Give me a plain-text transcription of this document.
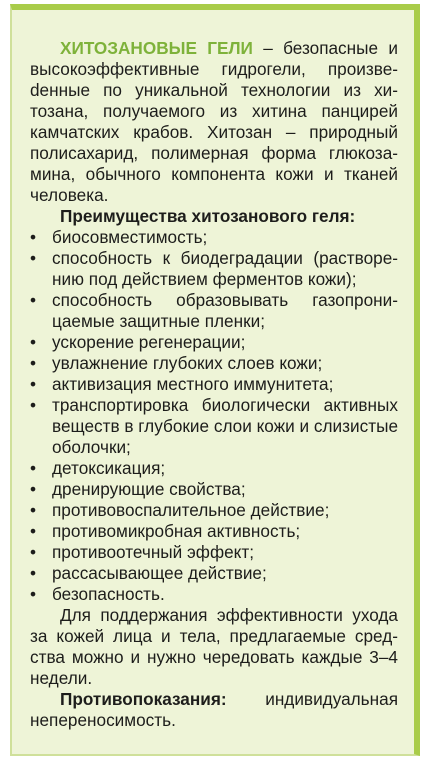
ХИТОЗАНОВЫЕ ГЕЛИ – безопасные и высокоэффективные гидрогели, произвеdенные по уникальной технологии из хитозана, получаемого из хитина панцирей камчатских крабов. Хитозан – природный полисахарид, полимерная форма глюкозамина, обычного компонента кожи и тканей человека.

Преимущества хитозанового геля:

• биосовместимость;
• способность к биодеградации (растворению под действием ферментов кожи);
• способность образовывать газопроницаемые защитные пленки;
• ускорение регенерации;
• увлажнение глубоких слоев кожи;
• активизация местного иммунитета;
• транспортировка биологически активных веществ в глубокие слои кожи и слизистые оболочки;
• детоксикация;
• дренирующие свойства;
• противовоспалительное действие;
• противомикробная активность;
• противоотечный эффект;
• рассасывающее действие;
• безопасность.

Для поддержания эффективности ухода за кожей лица и тела, предлагаемые средства можно и нужно чередовать каждые 3–4 недели.

Противопоказания: индивидуальная непереносимость.
